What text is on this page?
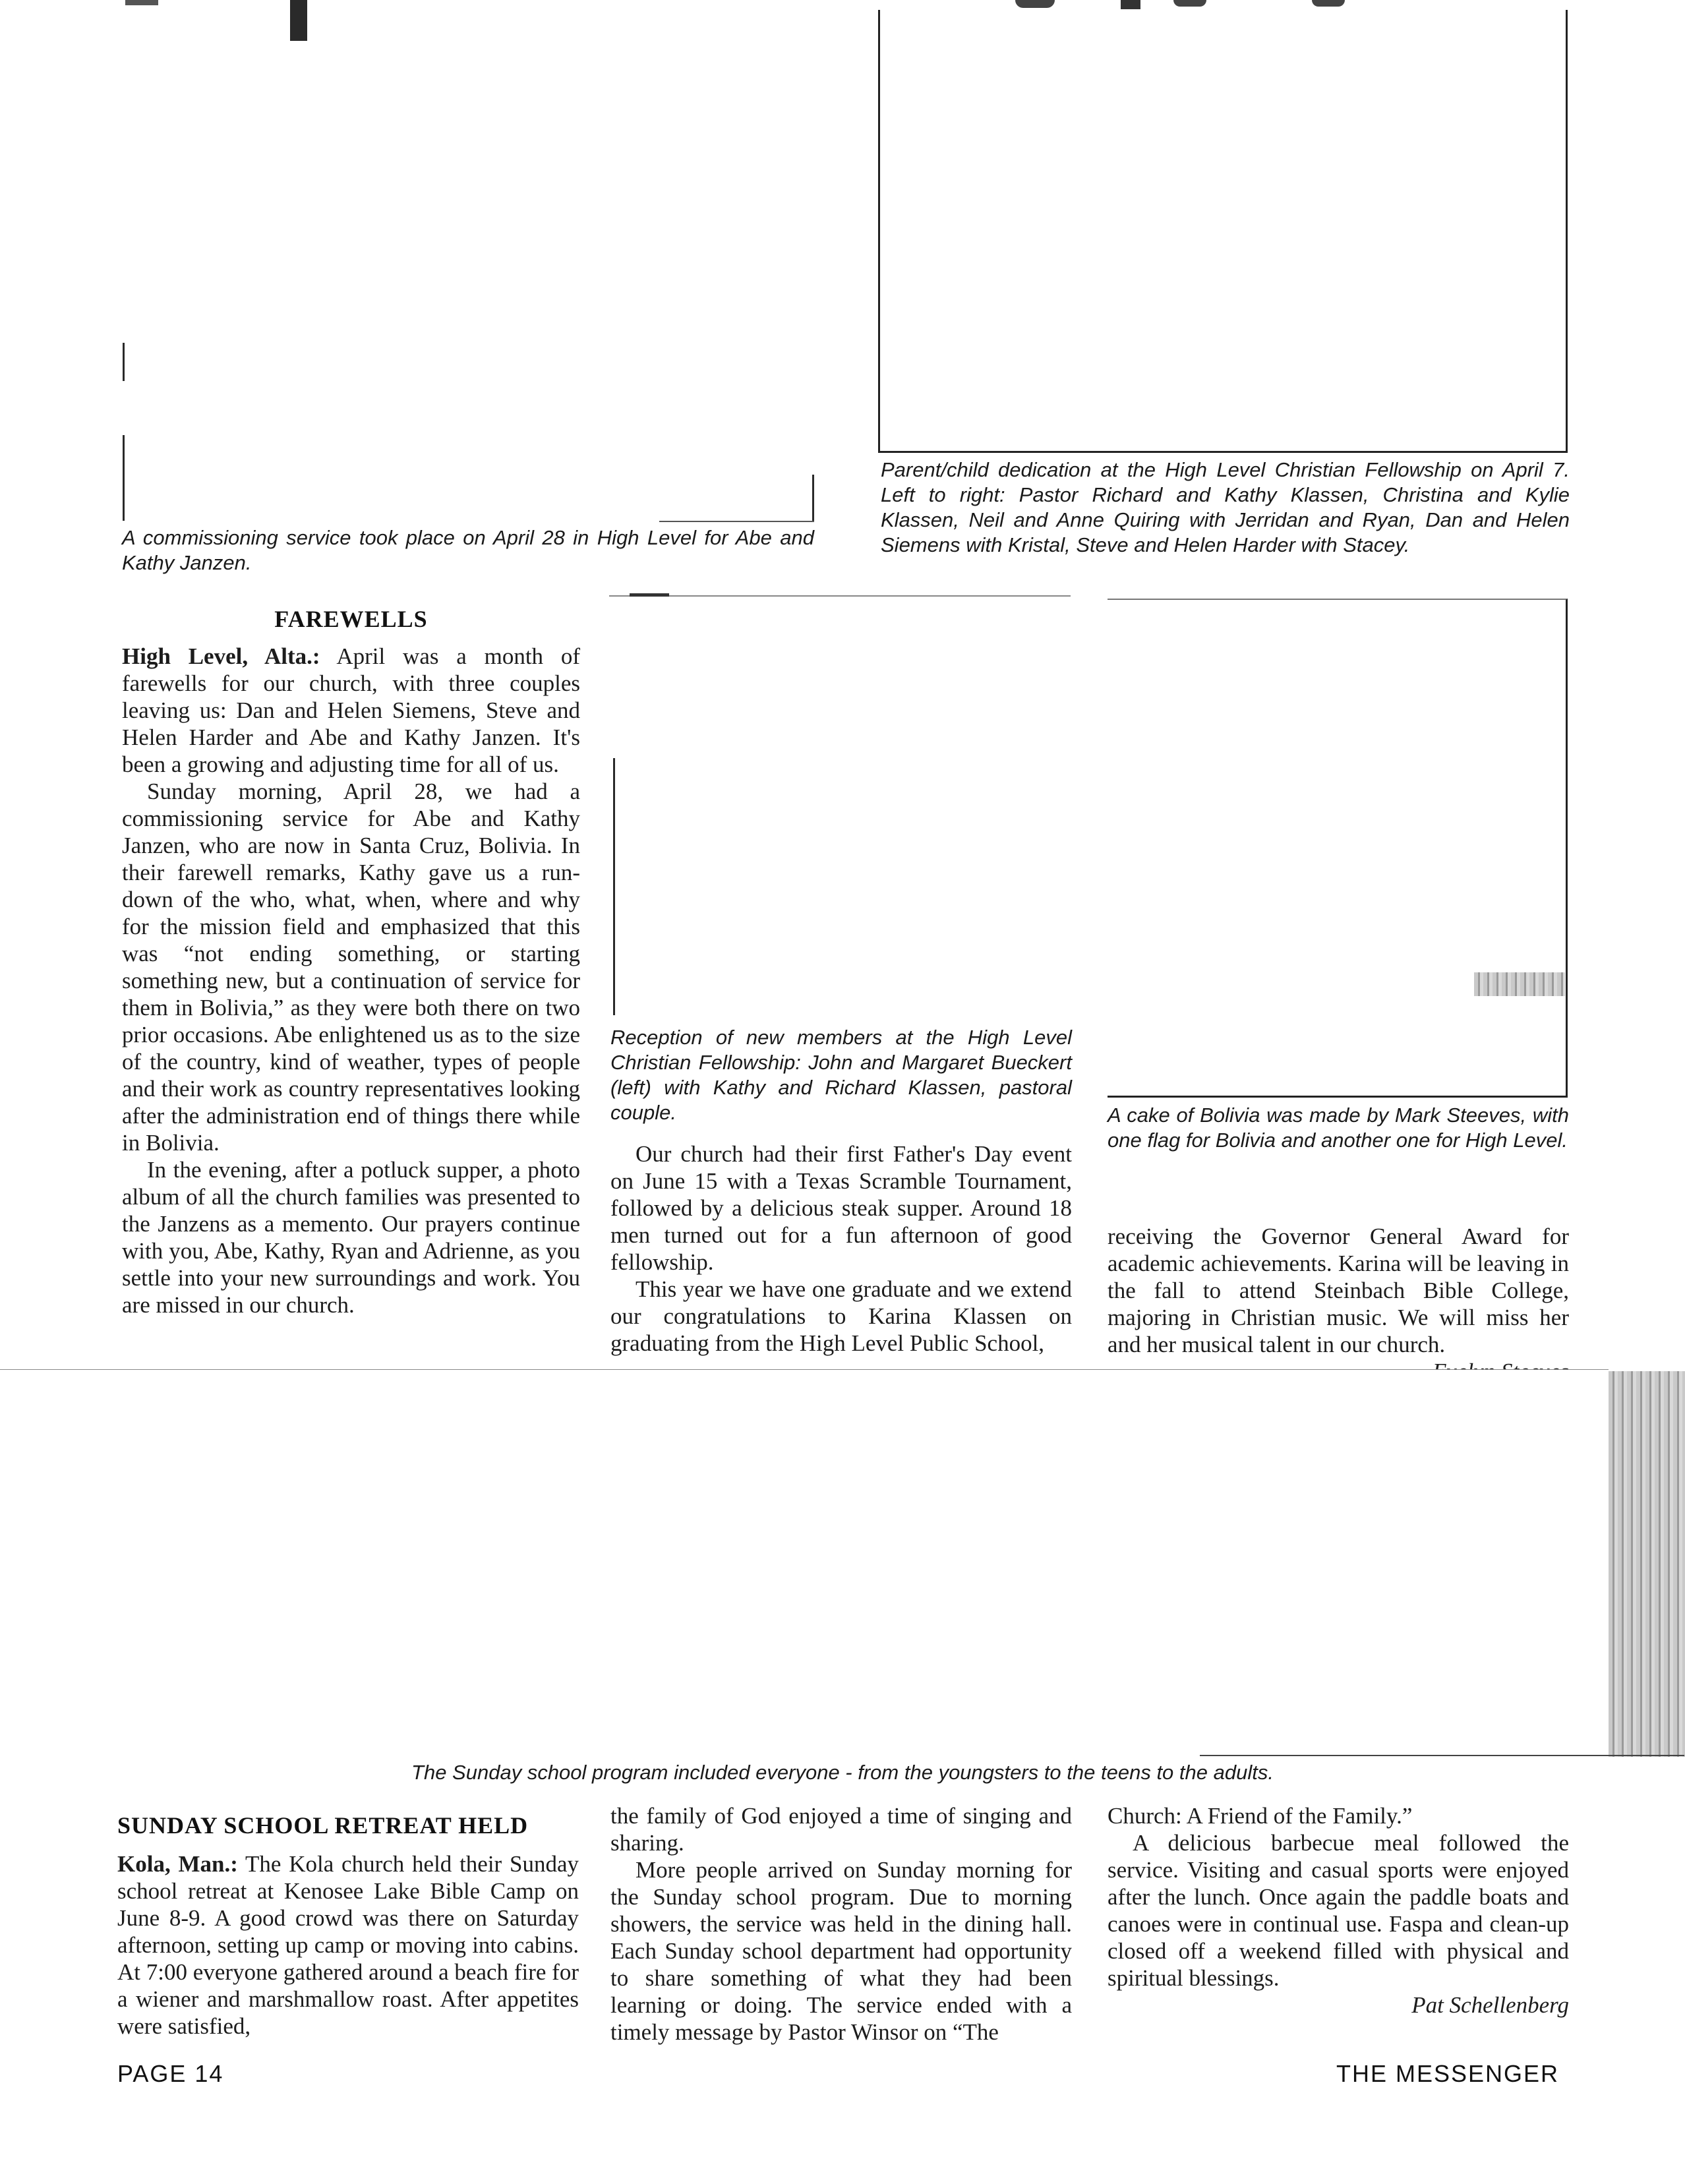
A commissioning service took place on April 28 in High Level for Abe and Kathy Janzen.

Parent/child dedication at the High Level Christian Fellowship on April 7. Left to right: Pastor Richard and Kathy Klassen, Christina and Kylie Klassen, Neil and Anne Quiring with Jerridan and Ryan, Dan and Helen Siemens with Kristal, Steve and Helen Harder with Stacey.

FAREWELLS

High Level, Alta.: April was a month of farewells for our church, with three couples leaving us: Dan and Helen Siemens, Steve and Helen Harder and Abe and Kathy Janzen. It's been a growing and adjusting time for all of us.

Sunday morning, April 28, we had a commissioning service for Abe and Kathy Janzen, who are now in Santa Cruz, Bolivia. In their farewell remarks, Kathy gave us a run-down of the who, what, when, where and why for the mission field and emphasized that this was “not ending something, or starting something new, but a continuation of service for them in Bolivia,” as they were both there on two prior occasions. Abe enlightened us as to the size of the country, kind of weather, types of people and their work as country representatives looking after the administration end of things there while in Bolivia.

In the evening, after a potluck supper, a photo album of all the church families was presented to the Janzens as a memento. Our prayers continue with you, Abe, Kathy, Ryan and Adrienne, as you settle into your new surroundings and work. You are missed in our church.

Reception of new members at the High Level Christian Fellowship: John and Margaret Bueckert (left) with Kathy and Richard Klassen, pastoral couple.

Our church had their first Father's Day event on June 15 with a Texas Scramble Tournament, followed by a delicious steak supper. Around 18 men turned out for a fun afternoon of good fellowship.

This year we have one graduate and we extend our congratulations to Karina Klassen on graduating from the High Level Public School,

A cake of Bolivia was made by Mark Steeves, with one flag for Bolivia and another one for High Level.

receiving the Governor General Award for academic achievements. Karina will be leaving in the fall to attend Steinbach Bible College, majoring in Christian music. We will miss her and her musical talent in our church.

The Sunday school program included everyone - from the youngsters to the teens to the adults.

SUNDAY SCHOOL RETREAT HELD

Kola, Man.: The Kola church held their Sunday school retreat at Kenosee Lake Bible Camp on June 8-9. A good crowd was there on Saturday afternoon, setting up camp or moving into cabins. At 7:00 everyone gathered around a beach fire for a wiener and marshmallow roast. After appetites were satisfied,

the family of God enjoyed a time of singing and sharing.

More people arrived on Sunday morning for the Sunday school program. Due to morning showers, the service was held in the dining hall. Each Sunday school department had opportunity to share something of what they had been learning or doing. The service ended with a timely message by Pastor Winsor on “The

Church: A Friend of the Family.”

A delicious barbecue meal followed the service. Visiting and casual sports were enjoyed after the lunch. Once again the paddle boats and canoes were in continual use. Faspa and clean-up closed off a weekend filled with physical and spiritual blessings.

Pat Schellenberg

PAGE 14	THE MESSENGER
